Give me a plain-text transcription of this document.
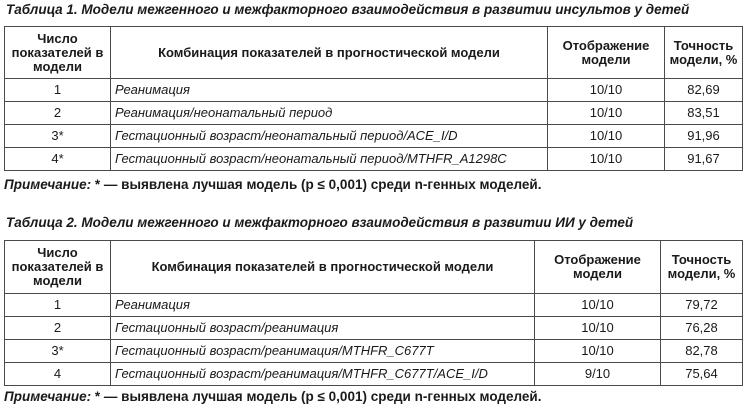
Таблица 1. Модели межгенного и межфакторного взаимодействия в развитии инсультов у детей
Число показателей в модели	Комбинация показателей в прогностической модели	Отображение модели	Точность модели, %
1	Реанимация	10/10	82,69
2	Реанимация/неонатальный период	10/10	83,51
3*	Гестационный возраст/неонатальный период/ACE_I/D	10/10	91,96
4*	Гестационный возраст/неонатальный период/MTHFR_A1298C	10/10	91,67
Примечание: * — выявлена лучшая модель (p ≤ 0,001) среди n-генных моделей.
Таблица 2. Модели межгенного и межфакторного взаимодействия в развитии ИИ у детей
Число показателей в модели	Комбинация показателей в прогностической модели	Отображение модели	Точность модели, %
1	Реанимация	10/10	79,72
2	Гестационный возраст/реанимация	10/10	76,28
3*	Гестационный возраст/реанимация/MTHFR_C677T	10/10	82,78
4	Гестационный возраст/реанимация/MTHFR_C677T/ACE_I/D	9/10	75,64
Примечание: * — выявлена лучшая модель (p ≤ 0,001) среди n-генных моделей.
